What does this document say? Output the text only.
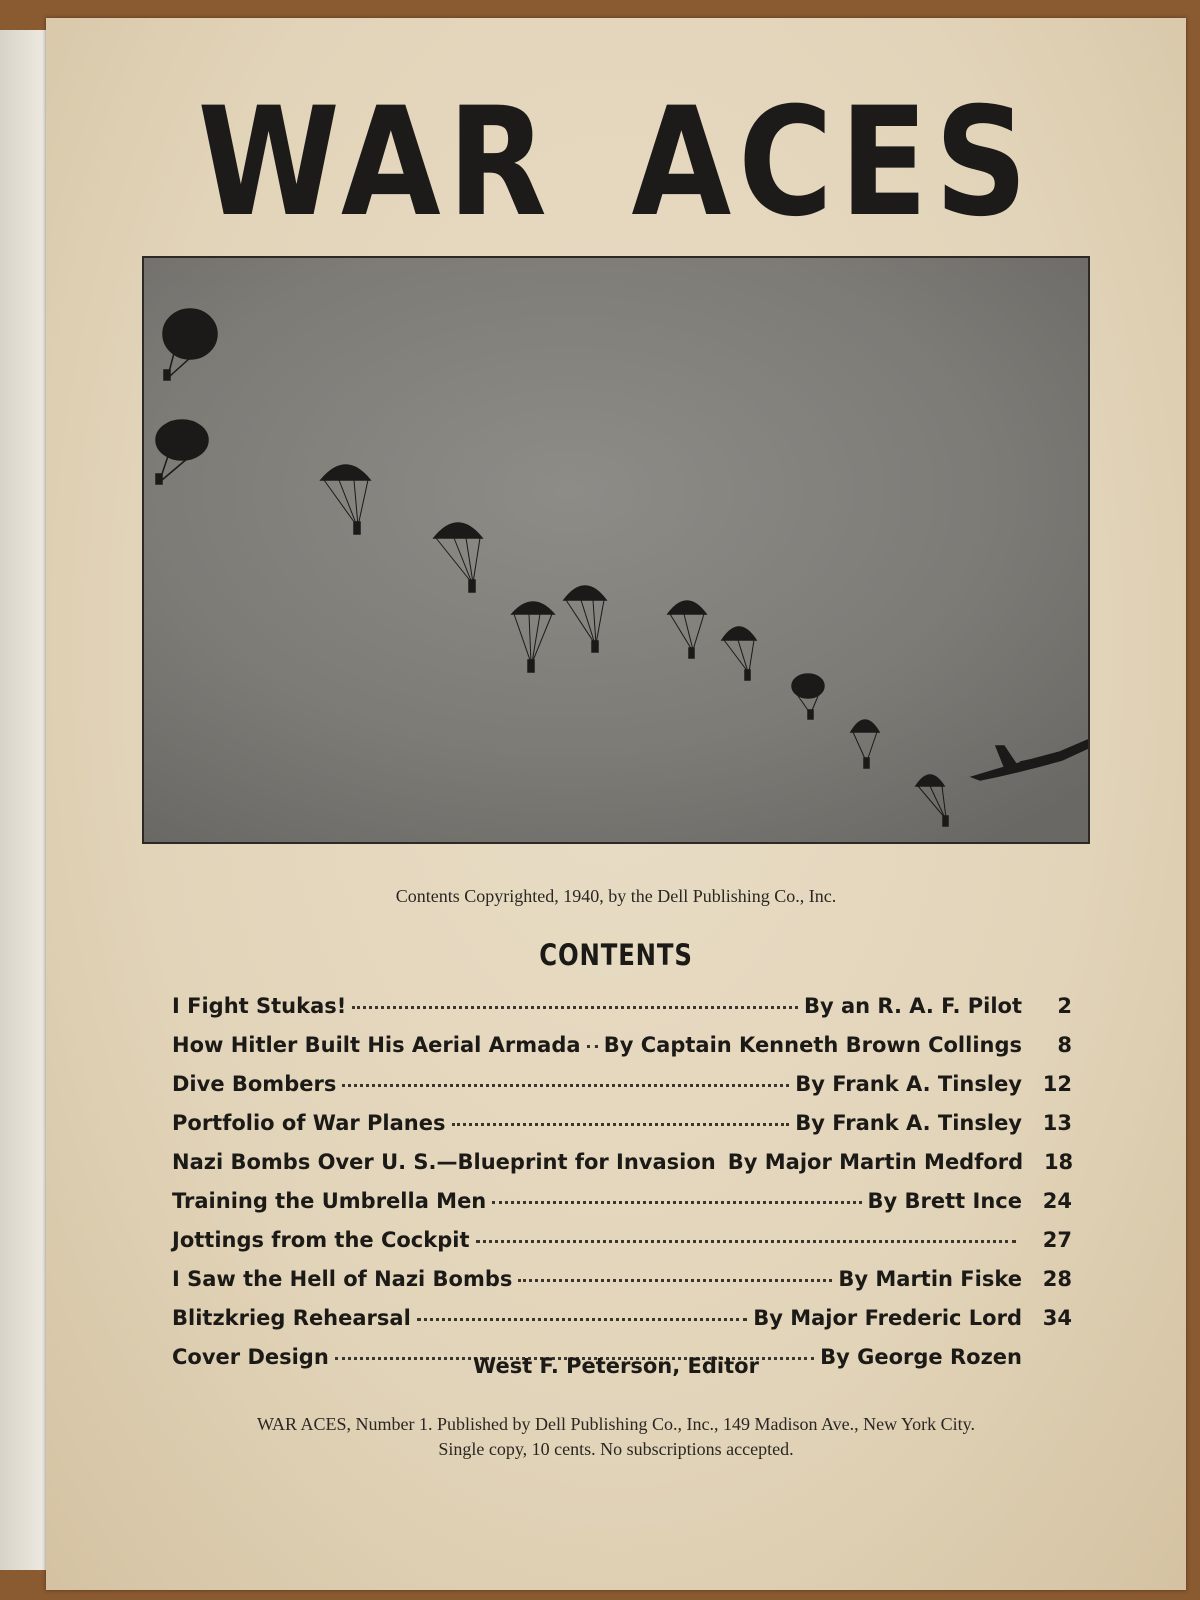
WAR ACES
Contents Copyrighted, 1940, by the Dell Publishing Co., Inc.
CONTENTS
I Fight Stukas!	By an R. A. F. Pilot	2
How Hitler Built His Aerial Armada By Captain Kenneth Brown Collings	8
Dive Bombers	By Frank A. Tinsley 12
Portfolio of War Planes	By Frank A. Tinsley 13
Nazi Bombs Over U. S.—Blueprint for Invasion By Major Martin Medford 18
Training the Umbrella Men	By Brett Ince 24
Jottings from the Cockpit	27
I Saw the Hell of Nazi Bombs	By Martin Fiske 28
Blitzkrieg Rehearsal	By Major Frederic Lord 34
Cover Design	By George Rozen
West F. Peterson, Editor
WAR ACES, Number 1. Published by Dell Publishing Co., Inc., 149 Madison Ave., New York City.
Single copy, 10 cents. No subscriptions accepted.
